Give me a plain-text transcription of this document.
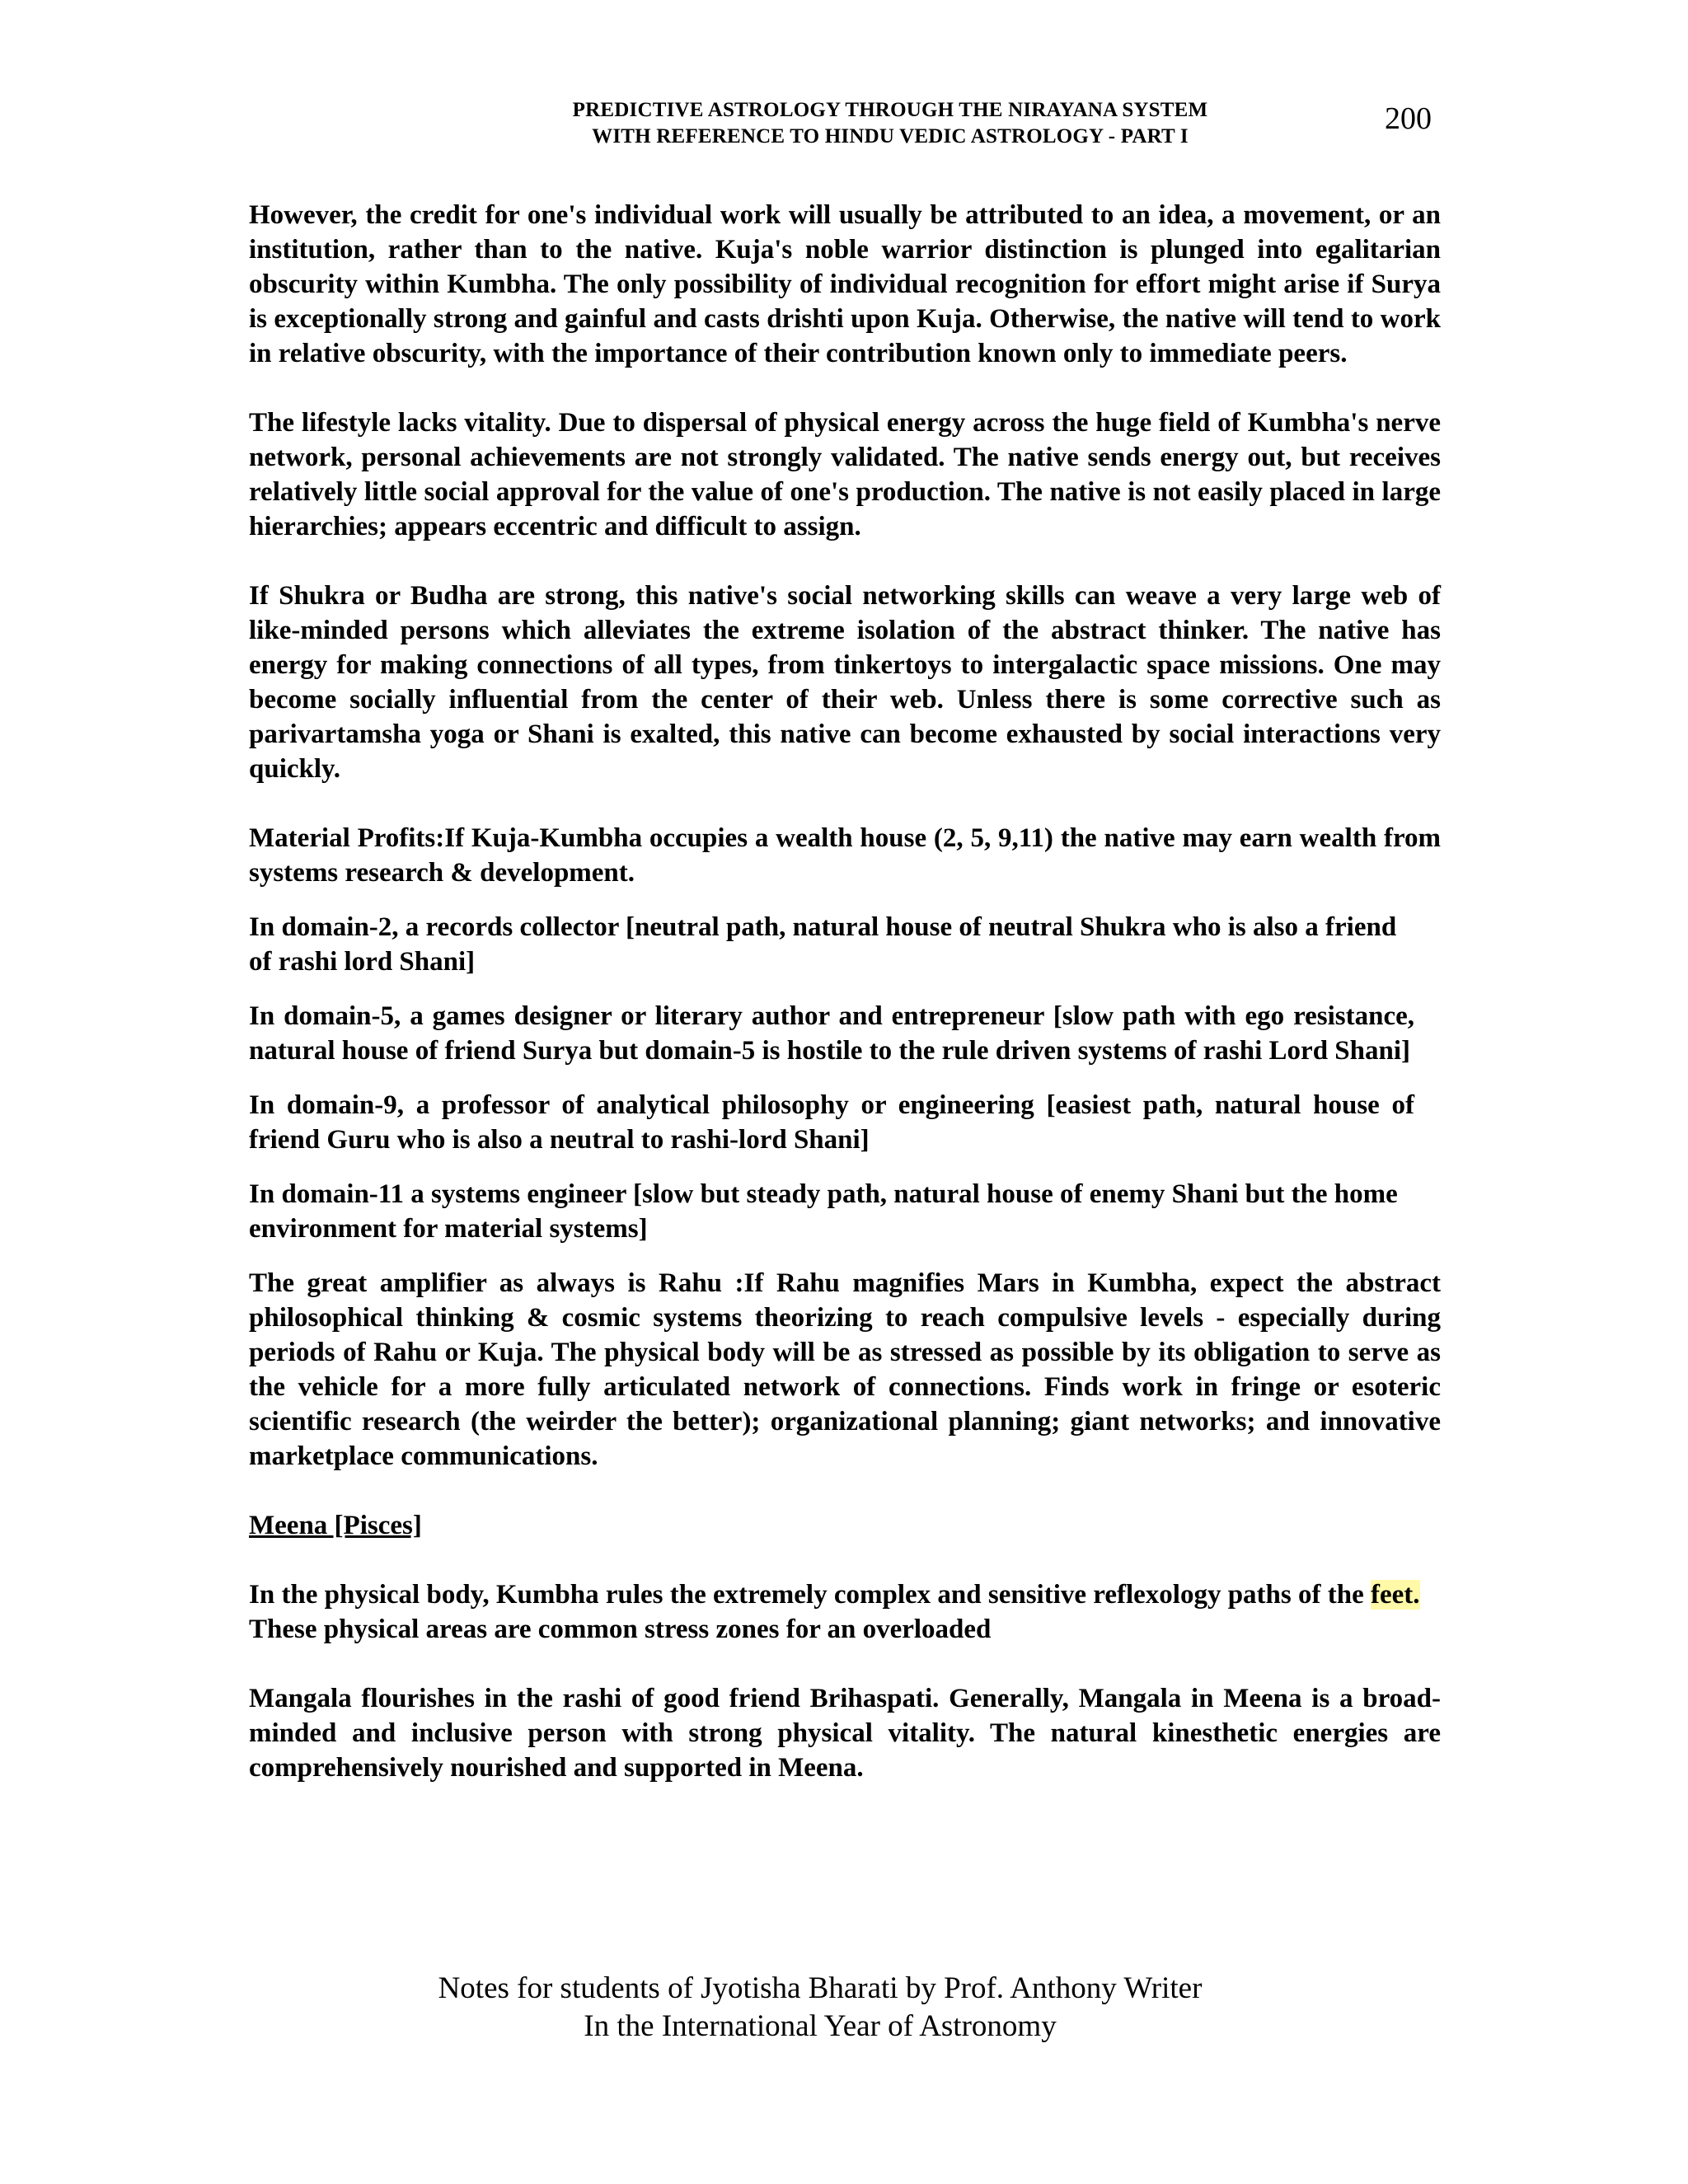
PREDICTIVE ASTROLOGY THROUGH THE NIRAYANA SYSTEM
WITH REFERENCE TO HINDU VEDIC ASTROLOGY - PART I
200

However, the credit for one's individual work will usually be attributed to an idea, a movement, or an institution, rather than to the native. Kuja's noble warrior distinction is plunged into egalitarian obscurity within Kumbha. The only possibility of individual recognition for effort might arise if Surya is exceptionally strong and gainful and casts drishti upon Kuja. Otherwise, the native will tend to work in relative obscurity, with the importance of their contribution known only to immediate peers.

The lifestyle lacks vitality. Due to dispersal of physical energy across the huge field of Kumbha's nerve network, personal achievements are not strongly validated. The native sends energy out, but receives relatively little social approval for the value of one's production. The native is not easily placed in large hierarchies; appears eccentric and difficult to assign.

If Shukra or Budha are strong, this native's social networking skills can weave a very large web of like-minded persons which alleviates the extreme isolation of the abstract thinker. The native has energy for making connections of all types, from tinkertoys to intergalactic space missions. One may become socially influential from the center of their web. Unless there is some corrective such as parivartamsha yoga or Shani is exalted, this native can become exhausted by social interactions very quickly.

Material Profits:If Kuja-Kumbha occupies a wealth house (2, 5, 9,11) the native may earn wealth from systems research & development.

In domain-2, a records collector [neutral path, natural house of neutral Shukra who is also a friend of rashi lord Shani]

In domain-5, a games designer or literary author and entrepreneur [slow path with ego resistance, natural house of friend Surya but domain-5 is hostile to the rule driven systems of rashi Lord Shani]

In domain-9, a professor of analytical philosophy or engineering [easiest path, natural house of friend Guru who is also a neutral to rashi-lord Shani]

In domain-11 a systems engineer [slow but steady path, natural house of enemy Shani but the home environment for material systems]

The great amplifier as always is Rahu :If Rahu magnifies Mars in Kumbha, expect the abstract philosophical thinking & cosmic systems theorizing to reach compulsive levels - especially during periods of Rahu or Kuja. The physical body will be as stressed as possible by its obligation to serve as the vehicle for a more fully articulated network of connections. Finds work in fringe or esoteric scientific research (the weirder the better); organizational planning; giant networks; and innovative marketplace communications.

Meena [Pisces]

In the physical body, Kumbha rules the extremely complex and sensitive reflexology paths of the feet. These physical areas are common stress zones for an overloaded

Mangala flourishes in the rashi of good friend Brihaspati. Generally, Mangala in Meena is a broad-minded and inclusive person with strong physical vitality. The natural kinesthetic energies are comprehensively nourished and supported in Meena.

Notes for students of Jyotisha Bharati by Prof. Anthony Writer
In the International Year of Astronomy
